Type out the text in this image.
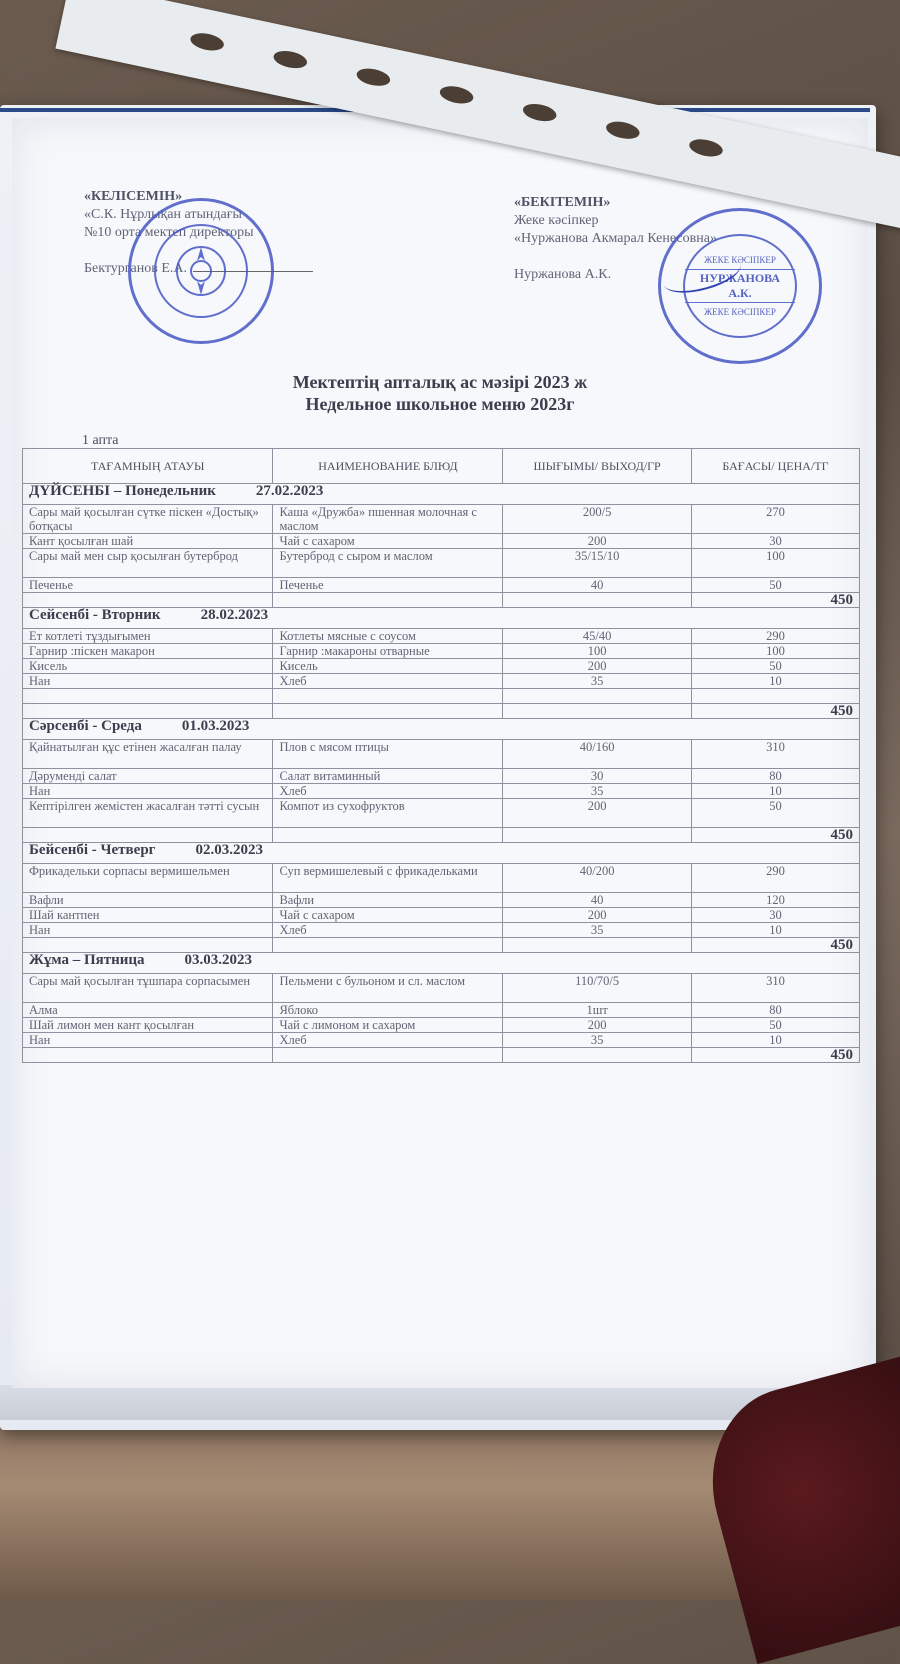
«КЕЛІСЕМІН»
«С.К. Нұрлықан атындағы
№10 орта мектеп директоры
Бектурганов Е.А.
«БЕКІТЕМІН»
Жеке кәсіпкер
«Нуржанова Акмарал Кенесовна»
Нуржанова А.К.
ЖЕКЕ КӘСІПКЕР
НУРЖАНОВА А.К.
ЖЕКЕ КӘСІПКЕР
Мектептің апталық ас мәзірі 2023 ж
Недельное школьное меню 2023г
1 апта
ТАҒАМНЫҢ АТАУЫ	НАИМЕНОВАНИЕ БЛЮД	ШЫҒЫМЫ/ ВЫХОД/ГР	БАҒАСЫ/ ЦЕНА/ТГ
ДҮЙСЕНБІ – Понедельник 27.02.2023			
Сары май қосылған сүтке піскен «Достық» ботқасы	Каша «Дружба» пшенная молочная с маслом	200/5	270
Кант қосылған шай	Чай с сахаром	200	30
Сары май мен сыр қосылған бутерброд	Бутерброд с сыром и маслом	35/15/10	100
Печенье	Печенье	40	50
			450
Сейсенбі - Вторник 28.02.2023			
Ет котлеті тұздығымен	Котлеты мясные с соусом	45/40	290
Гарнир :піскен макарон	Гарнир :макароны отварные	100	100
Кисель	Кисель	200	50
Нан	Хлеб	35	10

			450
Сәрсенбі - Среда 01.03.2023			
Қайнатылған құс етінен жасалған палау	Плов с мясом птицы	40/160	310
Дәруменді салат	Салат витаминный	30	80
Нан	Хлеб	35	10
Кептірілген жемістен жасалған тәтті сусын	Компот из сухофруктов	200	50
			450
Бейсенбі - Четверг 02.03.2023			
Фрикадельки сорпасы вермишельмен	Суп вермишелевый с фрикадельками	40/200	290
Вафли	Вафли	40	120
Шай кантпен	Чай с сахаром	200	30
Нан	Хлеб	35	10
			450
Жұма – Пятница 03.03.2023			
Сары май қосылған тұшпара сорпасымен	Пельмени с бульоном и сл. маслом	110/70/5	310
Алма	Яблоко	1шт	80
Шай лимон мен кант қосылған	Чай с лимоном и сахаром	200	50
Нан	Хлеб	35	10
			450
